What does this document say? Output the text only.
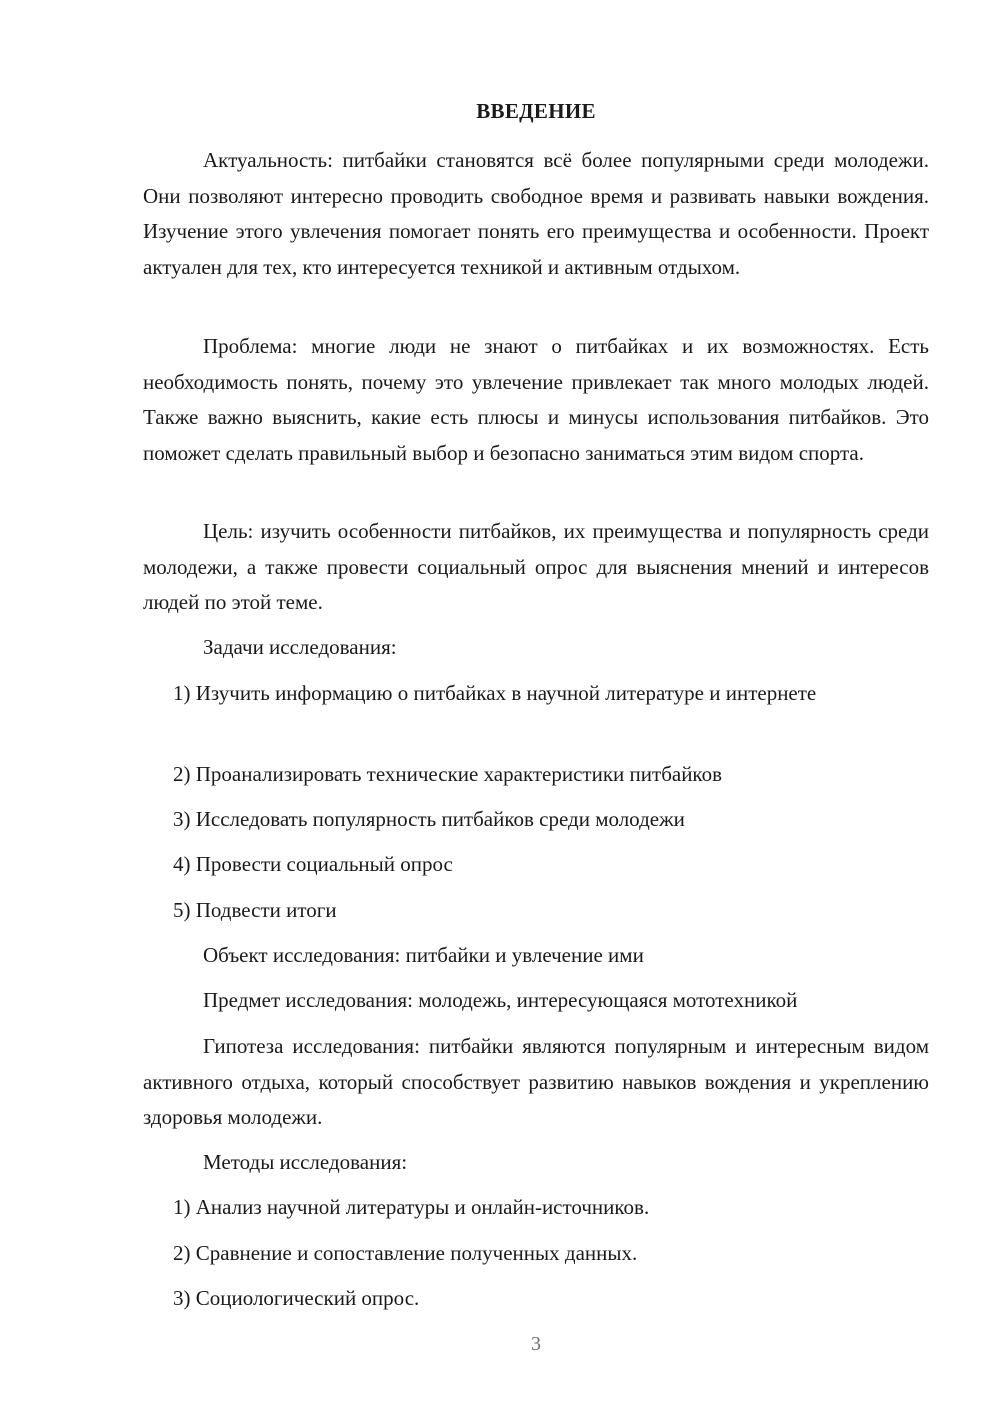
ВВЕДЕНИЕ

Актуальность: питбайки становятся всё более популярными среди молодежи. Они позволяют интересно проводить свободное время и развивать навыки вождения. Изучение этого увлечения помогает понять его преимущества и особенности. Проект актуален для тех, кто интересуется техникой и активным отдыхом.

Проблема: многие люди не знают о питбайках и их возможностях. Есть необходимость понять, почему это увлечение привлекает так много молодых людей. Также важно выяснить, какие есть плюсы и минусы использования питбайков. Это поможет сделать правильный выбор и безопасно заниматься этим видом спорта.

Цель: изучить особенности питбайков, их преимущества и популярность среди молодежи, а также провести социальный опрос для выяснения мнений и интересов людей по этой теме.

Задачи исследования:

1) Изучить информацию о питбайках в научной литературе и интернете

2) Проанализировать технические характеристики питбайков

3) Исследовать популярность питбайков среди молодежи

4) Провести социальный опрос

5) Подвести итоги

Объект исследования: питбайки и увлечение ими

Предмет исследования: молодежь, интересующаяся мототехникой

Гипотеза исследования: питбайки являются популярным и интересным видом активного отдыха, который способствует развитию навыков вождения и укреплению здоровья молодежи.

Методы исследования:

1) Анализ научной литературы и онлайн-источников.

2) Сравнение и сопоставление полученных данных.

3) Социологический опрос.

3
